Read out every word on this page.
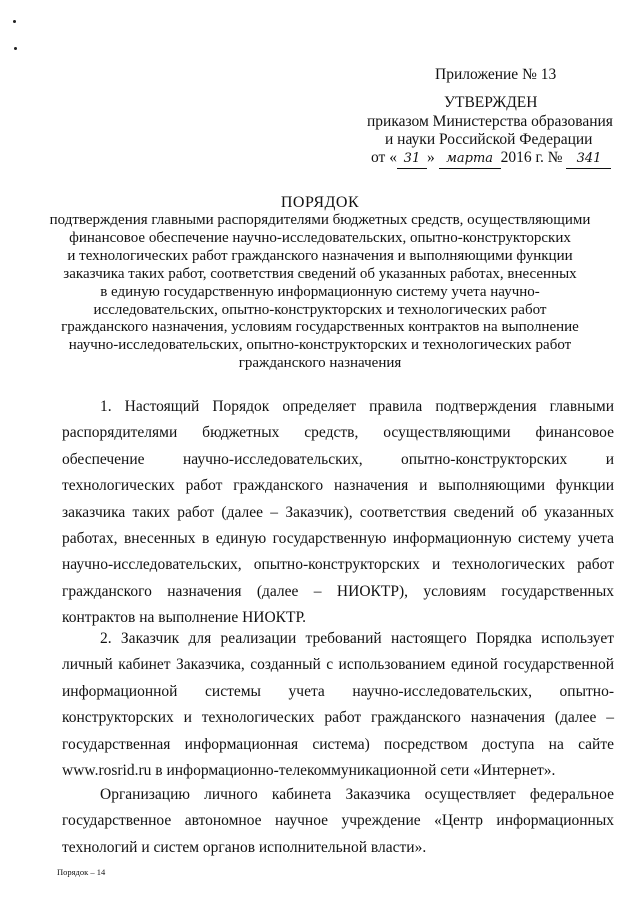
Приложение № 13
УТВЕРЖДЕН
приказом Министерства образования
и науки Российской Федерации
от « 31 » марта 2016 г. № 341
ПОРЯДОК
подтверждения главными распорядителями бюджетных средств, осуществляющими
финансовое обеспечение научно-исследовательских, опытно-конструкторских
и технологических работ гражданского назначения и выполняющими функции
заказчика таких работ, соответствия сведений об указанных работах, внесенных
в единую государственную информационную систему учета научно-
исследовательских, опытно-конструкторских и технологических работ
гражданского назначения, условиям государственных контрактов на выполнение
научно-исследовательских, опытно-конструкторских и технологических работ
гражданского назначения

1. Настоящий Порядок определяет правила подтверждения главными распорядителями бюджетных средств, осуществляющими финансовое обеспечение научно-исследовательских, опытно-конструкторских и технологических работ гражданского назначения и выполняющими функции заказчика таких работ (далее – Заказчик), соответствия сведений об указанных работах, внесенных в единую государственную информационную систему учета научно-исследовательских, опытно-конструкторских и технологических работ гражданского назначения (далее – НИОКТР), условиям государственных контрактов на выполнение НИОКТР.

2. Заказчик для реализации требований настоящего Порядка использует личный кабинет Заказчика, созданный с использованием единой государственной информационной системы учета научно-исследовательских, опытно-конструкторских и технологических работ гражданского назначения (далее – государственная информационная система) посредством доступа на сайте www.rosrid.ru в информационно-телекоммуникационной сети «Интернет».

Организацию личного кабинета Заказчика осуществляет федеральное государственное автономное научное учреждение «Центр информационных технологий и систем органов исполнительной власти».

Порядок – 14
